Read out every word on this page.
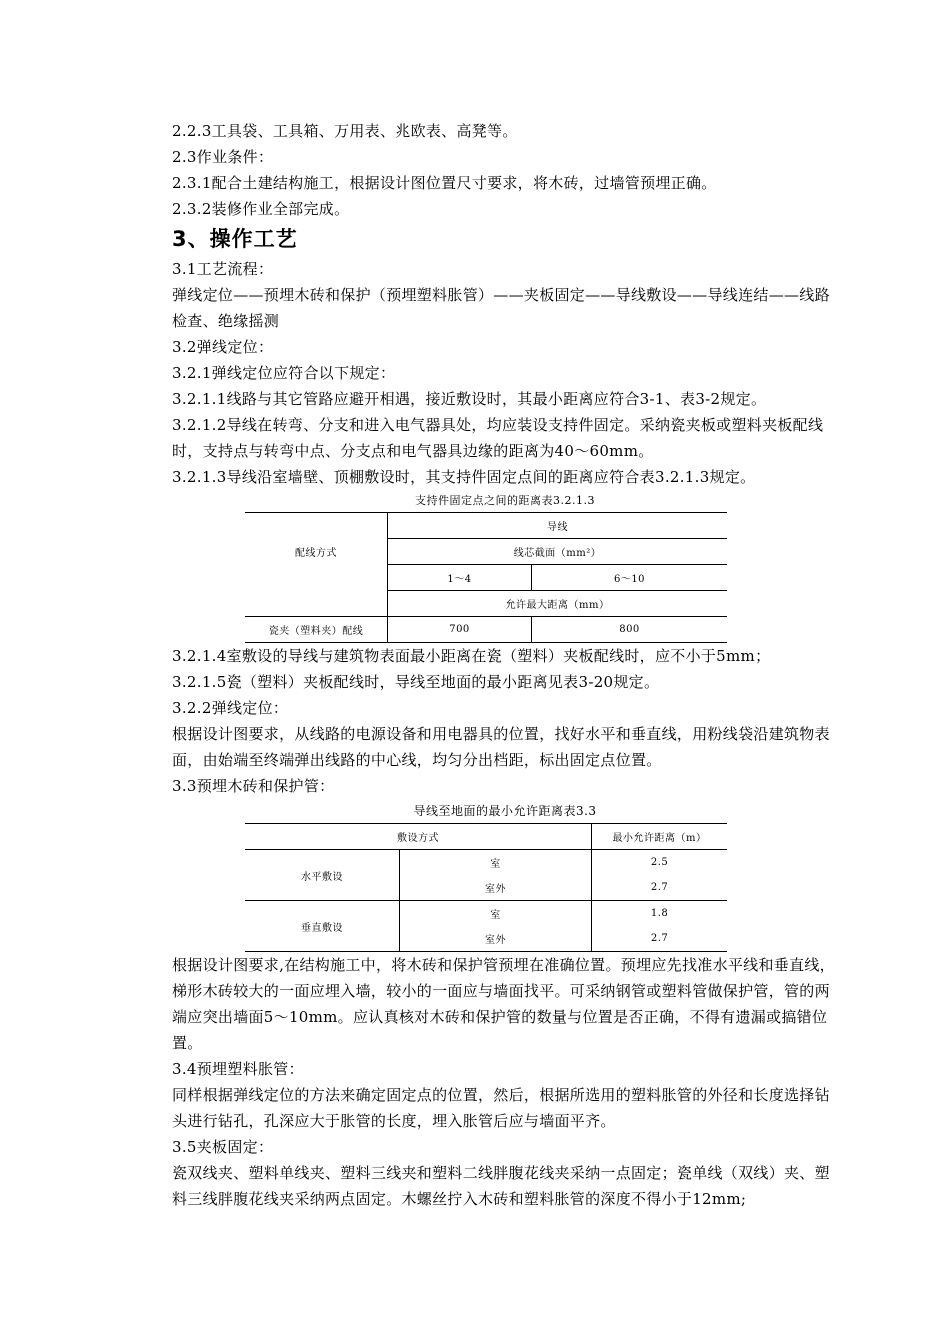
2.2.3工具袋、工具箱、万用表、兆欧表、高凳等。

2.3作业条件：

2.3.1配合土建结构施工，根据设计图位置尺寸要求，将木砖，过墙管预埋正确。

2.3.2装修作业全部完成。

3、操作工艺

3.1工艺流程：

弹线定位——预埋木砖和保护（预埋塑料胀管）——夹板固定——导线敷设——导线连结——线路检查、绝缘摇测

3.2弹线定位：

3.2.1弹线定位应符合以下规定：

3.2.1.1线路与其它管路应避开相遇，接近敷设时，其最小距离应符合3-1、表3-2规定。

3.2.1.2导线在转弯、分支和进入电气器具处，均应装设支持件固定。采纳瓷夹板或塑料夹板配线时，支持点与转弯中点、分支点和电气器具边缘的距离为40～60mm。

3.2.1.3导线沿室墙壁、顶棚敷设时，其支持件固定点间的距离应符合表3.2.1.3规定。

支持件固定点之间的距离表3.2.1.3

配线方式	导线	
	线芯截面（mm²）	
	1～4	6～10
	允许最大距离（mm）	
瓷夹（塑料夹）配线	700	800

3.2.1.4室敷设的导线与建筑物表面最小距离在瓷（塑料）夹板配线时，应不小于5mm；

3.2.1.5瓷（塑料）夹板配线时，导线至地面的最小距离见表3-20规定。

3.2.2弹线定位：

根据设计图要求，从线路的电源设备和用电器具的位置，找好水平和垂直线，用粉线袋沿建筑物表面，由始端至终端弹出线路的中心线，均匀分出档距，标出固定点位置。

3.3预埋木砖和保护管：

导线至地面的最小允许距离表3.3

敷设方式		最小允许距离（m）
水平敷设	室	2.5
	室外	2.7
垂直敷设	室	1.8
	室外	2.7

根据设计图要求,在结构施工中，将木砖和保护管预埋在准确位置。预埋应先找准水平线和垂直线，梯形木砖较大的一面应埋入墙，较小的一面应与墙面找平。可采纳钢管或塑料管做保护管，管的两端应突出墙面5～10mm。应认真核对木砖和保护管的数量与位置是否正确，不得有遗漏或搞错位置。

3.4预埋塑料胀管：

同样根据弹线定位的方法来确定固定点的位置，然后，根据所选用的塑料胀管的外径和长度选择钻头进行钻孔，孔深应大于胀管的长度，埋入胀管后应与墙面平齐。

3.5夹板固定：

瓷双线夹、塑料单线夹、塑料三线夹和塑料二线胖腹花线夹采纳一点固定；瓷单线（双线）夹、塑料三线胖腹花线夹采纳两点固定。木螺丝拧入木砖和塑料胀管的深度不得小于12mm;
